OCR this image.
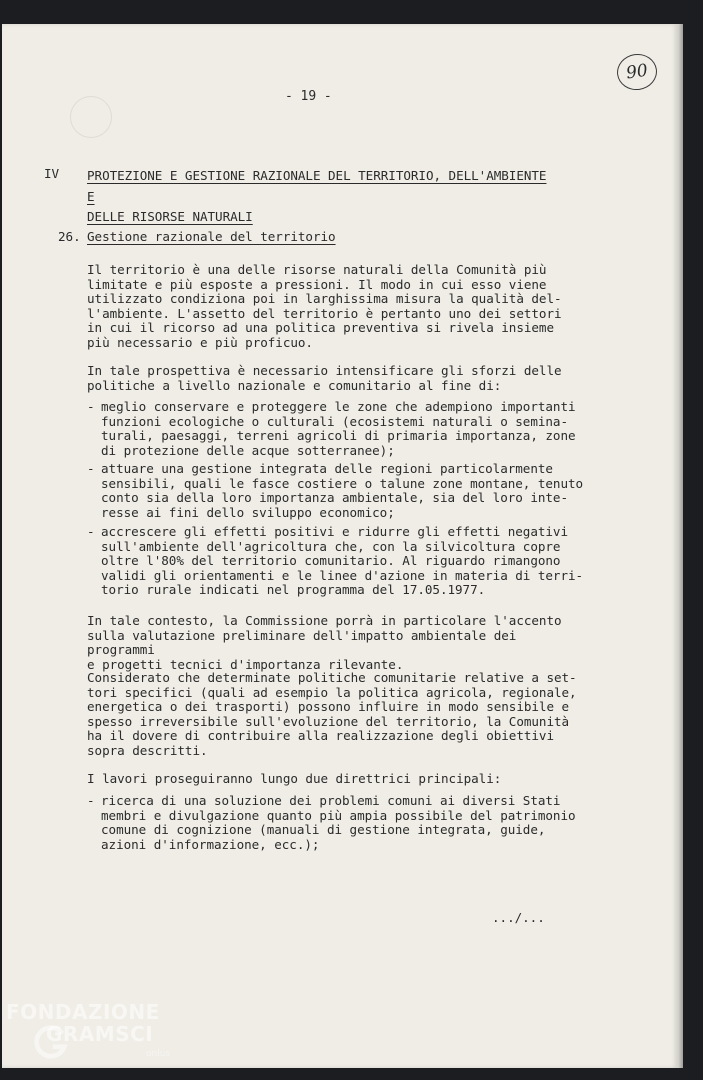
90
- 19 -
IV PROTEZIONE E GESTIONE RAZIONALE DEL TERRITORIO, DELL'AMBIENTE E
DELLE RISORSE NATURALI
26. Gestione razionale del territorio

Il territorio è una delle risorse naturali della Comunità più
limitate e più esposte a pressioni. Il modo in cui esso viene
utilizzato condiziona poi in larghissima misura la qualità del-
l'ambiente. L'assetto del territorio è pertanto uno dei settori
in cui il ricorso ad una politica preventiva si rivela insieme
più necessario e più proficuo.

In tale prospettiva è necessario intensificare gli sforzi delle
politiche a livello nazionale e comunitario al fine di:

- meglio conservare e proteggere le zone che adempiono importanti
funzioni ecologiche o culturali (ecosistemi naturali o semina-
turali, paesaggi, terreni agricoli di primaria importanza, zone
di protezione delle acque sotterranee);
- attuare una gestione integrata delle regioni particolarmente
sensibili, quali le fasce costiere o talune zone montane, tenuto
conto sia della loro importanza ambientale, sia del loro inte-
resse ai fini dello sviluppo economico;
- accrescere gli effetti positivi e ridurre gli effetti negativi
sull'ambiente dell'agricoltura che, con la silvicoltura copre
oltre l'80% del territorio comunitario. Al riguardo rimangono
validi gli orientamenti e le linee d'azione in materia di terri-
torio rurale indicati nel programma del 17.05.1977.

In tale contesto, la Commissione porrà in particolare l'accento
sulla valutazione preliminare dell'impatto ambientale dei programmi
e progetti tecnici d'importanza rilevante.

Considerato che determinate politiche comunitarie relative a set-
tori specifici (quali ad esempio la politica agricola, regionale,
energetica o dei trasporti) possono influire in modo sensibile e
spesso irreversibile sull'evoluzione del territorio, la Comunità
ha il dovere di contribuire alla realizzazione degli obiettivi
sopra descritti.

I lavori proseguiranno lungo due direttrici principali:

- ricerca di una soluzione dei problemi comuni ai diversi Stati
membri e divulgazione quanto più ampia possibile del patrimonio
comune di cognizione (manuali di gestione integrata, guide,
azioni d'informazione, ecc.);
.../...
FONDAZIONE
GRAMSCI
onlus
